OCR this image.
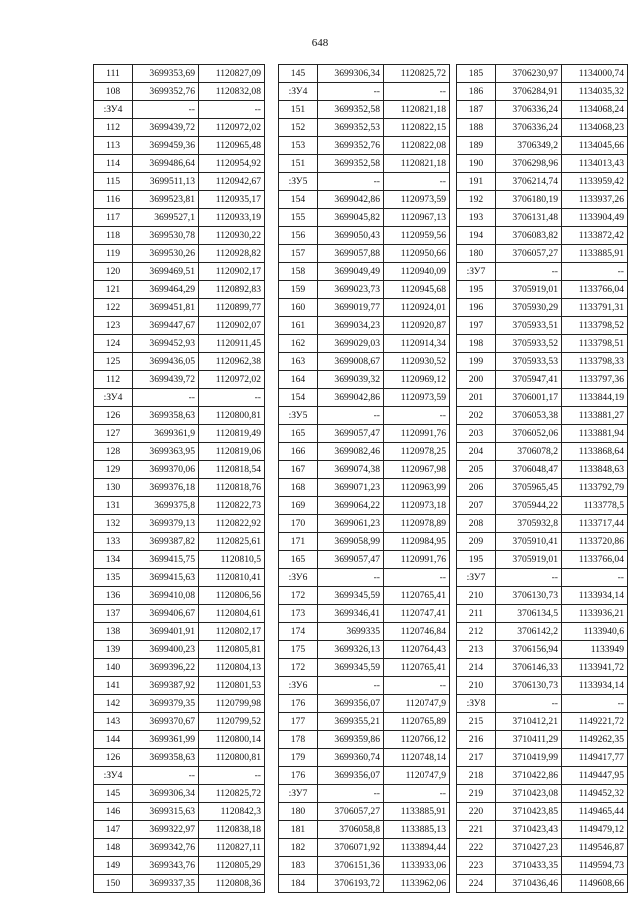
648
111	3699353,69	1120827,09
108	3699352,76	1120832,08
:ЗУ4	--	--
112	3699439,72	1120972,02
113	3699459,36	1120965,48
114	3699486,64	1120954,92
115	3699511,13	1120942,67
116	3699523,81	1120935,17
117	3699527,1	1120933,19
118	3699530,78	1120930,22
119	3699530,26	1120928,82
120	3699469,51	1120902,17
121	3699464,29	1120892,83
122	3699451,81	1120899,77
123	3699447,67	1120902,07
124	3699452,93	1120911,45
125	3699436,05	1120962,38
112	3699439,72	1120972,02
:ЗУ4	--	--
126	3699358,63	1120800,81
127	3699361,9	1120819,49
128	3699363,95	1120819,06
129	3699370,06	1120818,54
130	3699376,18	1120818,76
131	3699375,8	1120822,73
132	3699379,13	1120822,92
133	3699387,82	1120825,61
134	3699415,75	1120810,5
135	3699415,63	1120810,41
136	3699410,08	1120806,56
137	3699406,67	1120804,61
138	3699401,91	1120802,17
139	3699400,23	1120805,81
140	3699396,22	1120804,13
141	3699387,92	1120801,53
142	3699379,35	1120799,98
143	3699370,67	1120799,52
144	3699361,99	1120800,14
126	3699358,63	1120800,81
:ЗУ4	--	--
145	3699306,34	1120825,72
146	3699315,63	1120842,3
147	3699322,97	1120838,18
148	3699342,76	1120827,11
149	3699343,76	1120805,29
150	3699337,35	1120808,36
145	3699306,34	1120825,72
:ЗУ4	--	--
151	3699352,58	1120821,18
152	3699352,53	1120822,15
153	3699352,76	1120822,08
151	3699352,58	1120821,18
:ЗУ5	--	--
154	3699042,86	1120973,59
155	3699045,82	1120967,13
156	3699050,43	1120959,56
157	3699057,88	1120950,66
158	3699049,49	1120940,09
159	3699023,73	1120945,68
160	3699019,77	1120924,01
161	3699034,23	1120920,87
162	3699029,03	1120914,34
163	3699008,67	1120930,52
164	3699039,32	1120969,12
154	3699042,86	1120973,59
:ЗУ5	--	--
165	3699057,47	1120991,76
166	3699082,46	1120978,25
167	3699074,38	1120967,98
168	3699071,23	1120963,99
169	3699064,22	1120973,18
170	3699061,23	1120978,89
171	3699058,99	1120984,95
165	3699057,47	1120991,76
:ЗУ6	--	--
172	3699345,59	1120765,41
173	3699346,41	1120747,41
174	3699335	1120746,84
175	3699326,13	1120764,43
172	3699345,59	1120765,41
:ЗУ6	--	--
176	3699356,07	1120747,9
177	3699355,21	1120765,89
178	3699359,86	1120766,12
179	3699360,74	1120748,14
176	3699356,07	1120747,9
:ЗУ7	--	--
180	3706057,27	1133885,91
181	3706058,8	1133885,13
182	3706071,92	1133894,44
183	3706151,36	1133933,06
184	3706193,72	1133962,06
185	3706230,97	1134000,74
186	3706284,91	1134035,32
187	3706336,24	1134068,24
188	3706336,24	1134068,23
189	3706349,2	1134045,66
190	3706298,96	1134013,43
191	3706214,74	1133959,42
192	3706180,19	1133937,26
193	3706131,48	1133904,49
194	3706083,82	1133872,42
180	3706057,27	1133885,91
:ЗУ7	--	--
195	3705919,01	1133766,04
196	3705930,29	1133791,31
197	3705933,51	1133798,52
198	3705933,52	1133798,51
199	3705933,53	1133798,33
200	3705947,41	1133797,36
201	3706001,17	1133844,19
202	3706053,38	1133881,27
203	3706052,06	1133881,94
204	3706078,2	1133868,64
205	3706048,47	1133848,63
206	3705965,45	1133792,79
207	3705944,22	1133778,5
208	3705932,8	1133717,44
209	3705910,41	1133720,86
195	3705919,01	1133766,04
:ЗУ7	--	--
210	3706130,73	1133934,14
211	3706134,5	1133936,21
212	3706142,2	1133940,6
213	3706156,94	1133949
214	3706146,33	1133941,72
210	3706130,73	1133934,14
:ЗУ8	--	--
215	3710412,21	1149221,72
216	3710411,29	1149262,35
217	3710419,99	1149417,77
218	3710422,86	1149447,95
219	3710423,08	1149452,32
220	3710423,85	1149465,44
221	3710423,43	1149479,12
222	3710427,23	1149546,87
223	3710433,35	1149594,73
224	3710436,46	1149608,66
